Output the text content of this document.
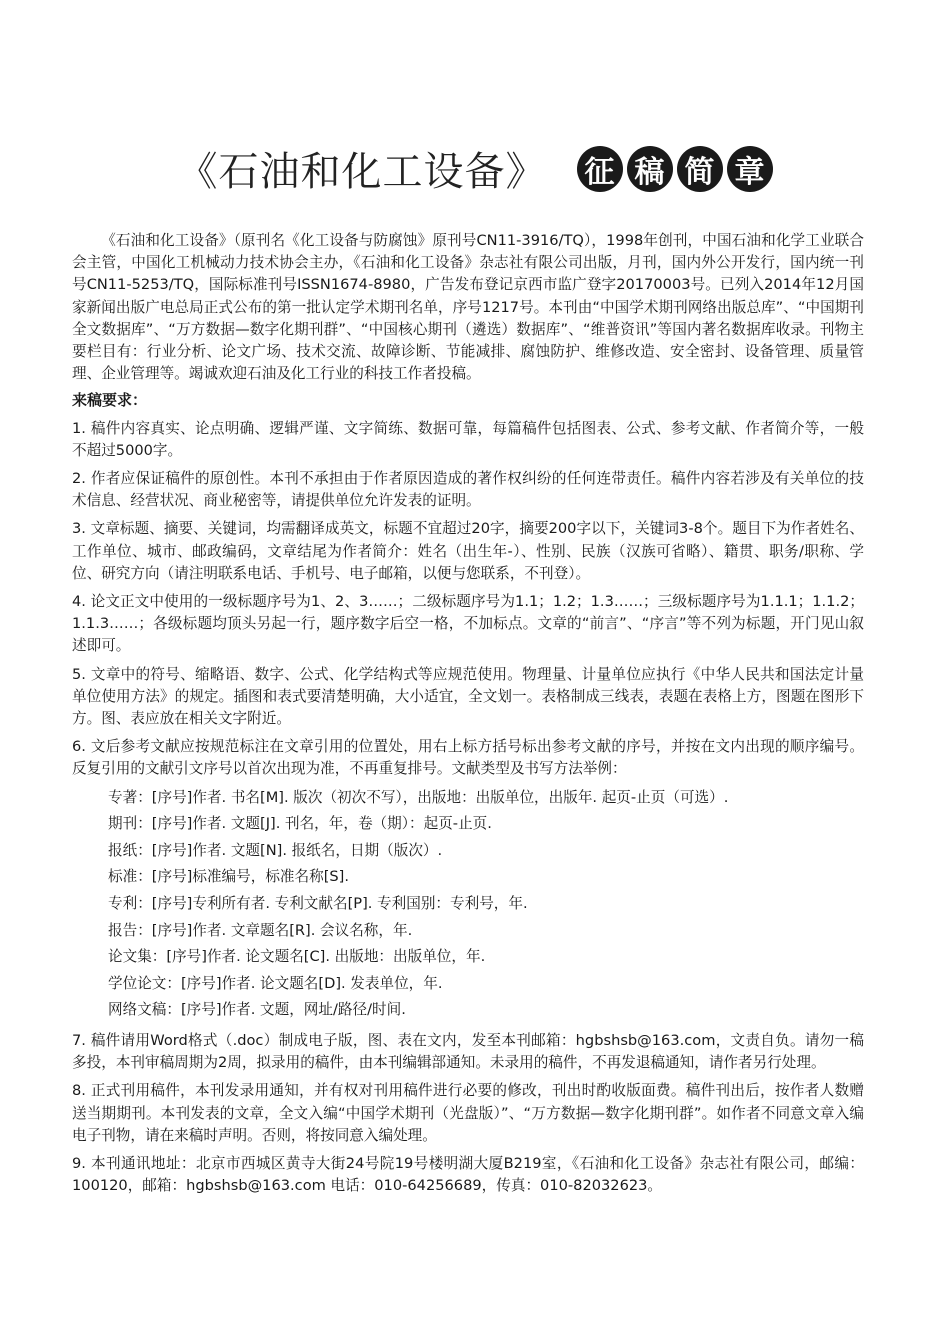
《石油和化工设备》 征 稿 简 章

《石油和化工设备》（原刊名《化工设备与防腐蚀》原刊号CN11-3916/TQ），1998年创刊，中国石油和化学工业联合会主管，中国化工机械动力技术协会主办，《石油和化工设备》杂志社有限公司出版，月刊，国内外公开发行，国内统一刊号CN11-5253/TQ，国际标准刊号ISSN1674-8980，广告发布登记京西市监广登字20170003号。已列入2014年12月国家新闻出版广电总局正式公布的第一批认定学术期刊名单，序号1217号。本刊由“中国学术期刊网络出版总库”、“中国期刊全文数据库”、“万方数据—数字化期刊群”、“中国核心期刊（遴选）数据库”、“维普资讯”等国内著名数据库收录。刊物主要栏目有：行业分析、论文广场、技术交流、故障诊断、节能减排、腐蚀防护、维修改造、安全密封、设备管理、质量管理、企业管理等。竭诚欢迎石油及化工行业的科技工作者投稿。

来稿要求：

1. 稿件内容真实、论点明确、逻辑严谨、文字简练、数据可靠，每篇稿件包括图表、公式、参考文献、作者简介等，一般不超过5000字。

2. 作者应保证稿件的原创性。本刊不承担由于作者原因造成的著作权纠纷的任何连带责任。稿件内容若涉及有关单位的技术信息、经营状况、商业秘密等，请提供单位允许发表的证明。

3. 文章标题、摘要、关键词，均需翻译成英文，标题不宜超过20字，摘要200字以下，关键词3-8个。题目下为作者姓名、工作单位、城市、邮政编码，文章结尾为作者简介：姓名（出生年-）、性别、民族（汉族可省略）、籍贯、职务/职称、学位、研究方向（请注明联系电话、手机号、电子邮箱，以便与您联系，不刊登）。

4. 论文正文中使用的一级标题序号为1、2、3……；二级标题序号为1.1；1.2；1.3……；三级标题序号为1.1.1；1.1.2；1.1.3……；各级标题均顶头另起一行，题序数字后空一格，不加标点。文章的“前言”、“序言”等不列为标题，开门见山叙述即可。

5. 文章中的符号、缩略语、数字、公式、化学结构式等应规范使用。物理量、计量单位应执行《中华人民共和国法定计量单位使用方法》的规定。插图和表式要清楚明确，大小适宜，全文划一。表格制成三线表，表题在表格上方，图题在图形下方。图、表应放在相关文字附近。

6. 文后参考文献应按规范标注在文章引用的位置处，用右上标方括号标出参考文献的序号，并按在文内出现的顺序编号。反复引用的文献引文序号以首次出现为准，不再重复排号。文献类型及书写方法举例：

专著：[序号]作者. 书名[M]. 版次（初次不写），出版地：出版单位，出版年. 起页-止页（可选）.

期刊：[序号]作者. 文题[J]. 刊名，年，卷（期）：起页-止页.

报纸：[序号]作者. 文题[N]. 报纸名，日期（版次）.

标准：[序号]标准编号，标准名称[S].

专利：[序号]专利所有者. 专利文献名[P]. 专利国别：专利号，年.

报告：[序号]作者. 文章题名[R]. 会议名称，年.

论文集：[序号]作者. 论文题名[C]. 出版地：出版单位，年.

学位论文：[序号]作者. 论文题名[D]. 发表单位，年.

网络文稿：[序号]作者. 文题，网址/路径/时间.

7. 稿件请用Word格式（.doc）制成电子版，图、表在文内，发至本刊邮箱：hgbshsb@163.com，文责自负。请勿一稿多投，本刊审稿周期为2周，拟录用的稿件，由本刊编辑部通知。未录用的稿件，不再发退稿通知，请作者另行处理。

8. 正式刊用稿件，本刊发录用通知，并有权对刊用稿件进行必要的修改，刊出时酌收版面费。稿件刊出后，按作者人数赠送当期期刊。本刊发表的文章，全文入编“中国学术期刊（光盘版）”、“万方数据—数字化期刊群”。如作者不同意文章入编电子刊物，请在来稿时声明。否则，将按同意入编处理。

9. 本刊通讯地址：北京市西城区黄寺大街24号院19号楼明湖大厦B219室，《石油和化工设备》杂志社有限公司，邮编：100120，邮箱：hgbshsb@163.com 电话：010-64256689，传真：010-82032623。
